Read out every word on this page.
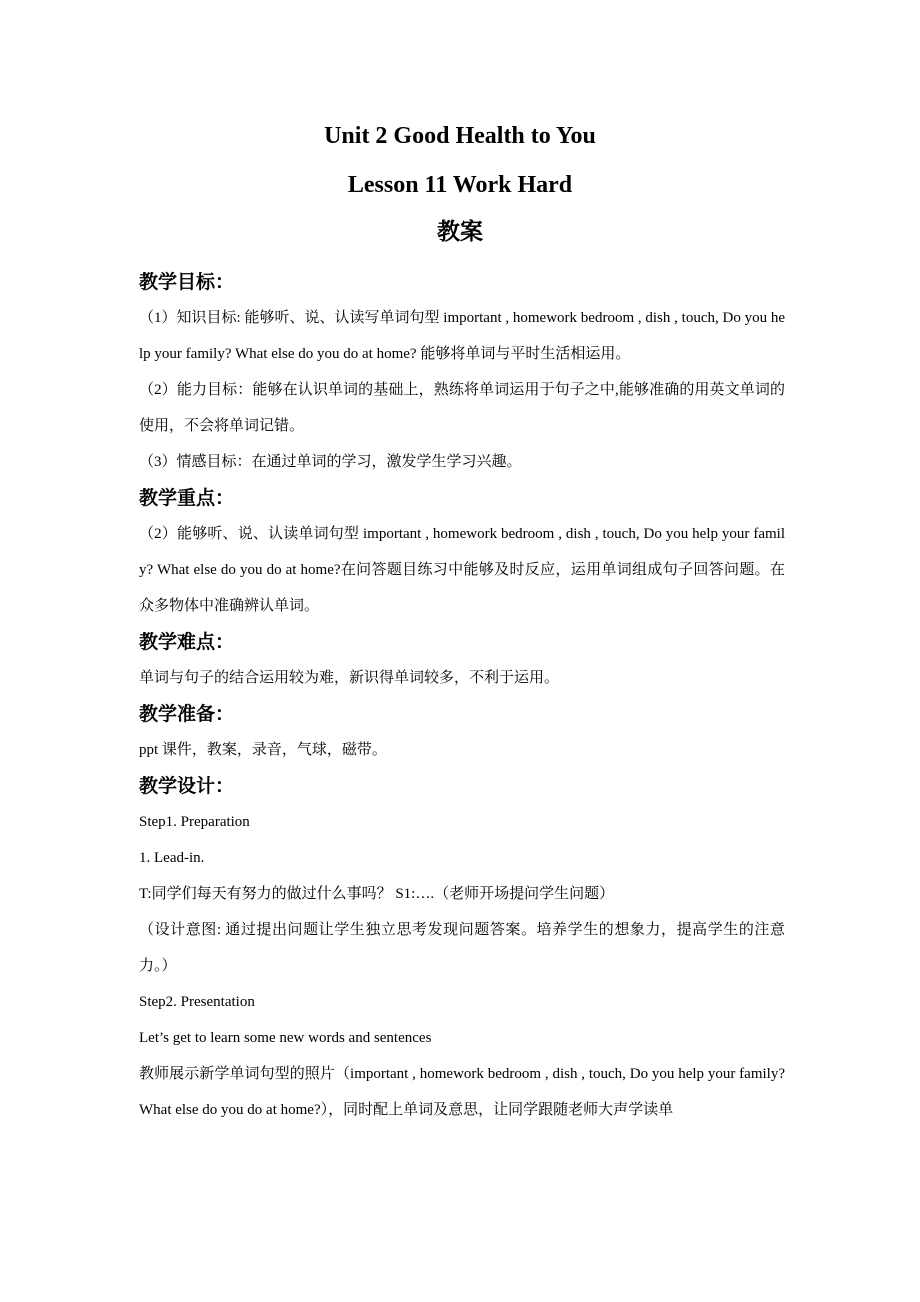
Unit 2 Good Health to You
Lesson 11 Work Hard
教案
教学目标：
（1）知识目标: 能够听、说、认读写单词句型 important , homework bedroom , dish , touch, Do you help your family? What else do you do at home? 能够将单词与平时生活相运用。
（2）能力目标：能够在认识单词的基础上，熟练将单词运用于句子之中,能够准确的用英文单词的使用，不会将单词记错。
（3）情感目标：在通过单词的学习，激发学生学习兴趣。
教学重点：
（2）能够听、说、认读单词句型 important , homework bedroom , dish , touch, Do you help your family? What else do you do at home?在问答题目练习中能够及时反应，运用单词组成句子回答问题。在众多物体中准确辨认单词。
教学难点：
单词与句子的结合运用较为难，新识得单词较多，不利于运用。
教学准备：
ppt 课件，教案，录音，气球，磁带。
教学设计：
Step1. Preparation
1. Lead-in.
T:同学们每天有努力的做过什么事吗？ S1:….（老师开场提问学生问题）
（设计意图: 通过提出问题让学生独立思考发现问题答案。培养学生的想象力，提高学生的注意力。）
Step2. Presentation
Let’s get to learn some new words and sentences
教师展示新学单词句型的照片（important , homework bedroom , dish , touch, Do you help your family? What else do you do at home?），同时配上单词及意思，让同学跟随老师大声学读单
